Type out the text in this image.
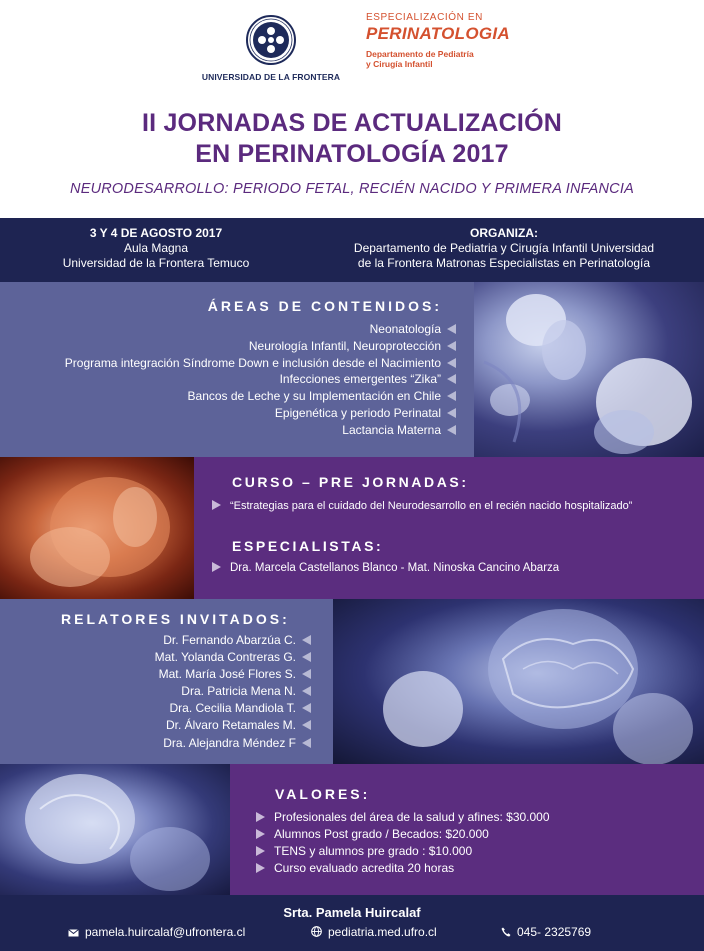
UNIVERSIDAD DE LA FRONTERA
ESPECIALIZACIÓN EN
PERINATOLOGIA
Departamento de Pediatría
y Cirugía Infantil
II JORNADAS DE ACTUALIZACIÓN
EN PERINATOLOGÍA 2017
NEURODESARROLLO: PERIODO FETAL, RECIÉN NACIDO Y PRIMERA INFANCIA
3 Y 4 DE AGOSTO 2017
Aula Magna
Universidad de la Frontera Temuco
ORGANIZA:
Departamento de Pediatria y Cirugía Infantil Universidad
de la Frontera Matronas Especialistas en Perinatología
ÁREAS DE CONTENIDOS:
Neonatología
Neurología Infantil, Neuroprotección
Programa integración Síndrome Down e inclusión desde el Nacimiento
Infecciones emergentes “Zika”
Bancos de Leche y su Implementación en Chile
Epigenética y periodo Perinatal
Lactancia Materna
CURSO – PRE JORNADAS:
“Estrategias para el cuidado del Neurodesarrollo en el recién nacido hospitalizado”
ESPECIALISTAS:
Dra. Marcela Castellanos Blanco - Mat. Ninoska Cancino Abarza
RELATORES INVITADOS:
Dr. Fernando Abarzúa C.
Mat. Yolanda Contreras G.
Mat. María José Flores S.
Dra. Patricia Mena N.
Dra. Cecilia Mandiola T.
Dr. Álvaro Retamales M.
Dra. Alejandra Méndez F
VALORES:
Profesionales del área de la salud y afines: $30.000
Alumnos Post grado / Becados: $20.000
TENS y alumnos pre grado : $10.000
Curso evaluado acredita 20 horas
Srta. Pamela Huircalaf
pamela.huircalaf@ufrontera.cl	pediatria.med.ufro.cl	045- 2325769
